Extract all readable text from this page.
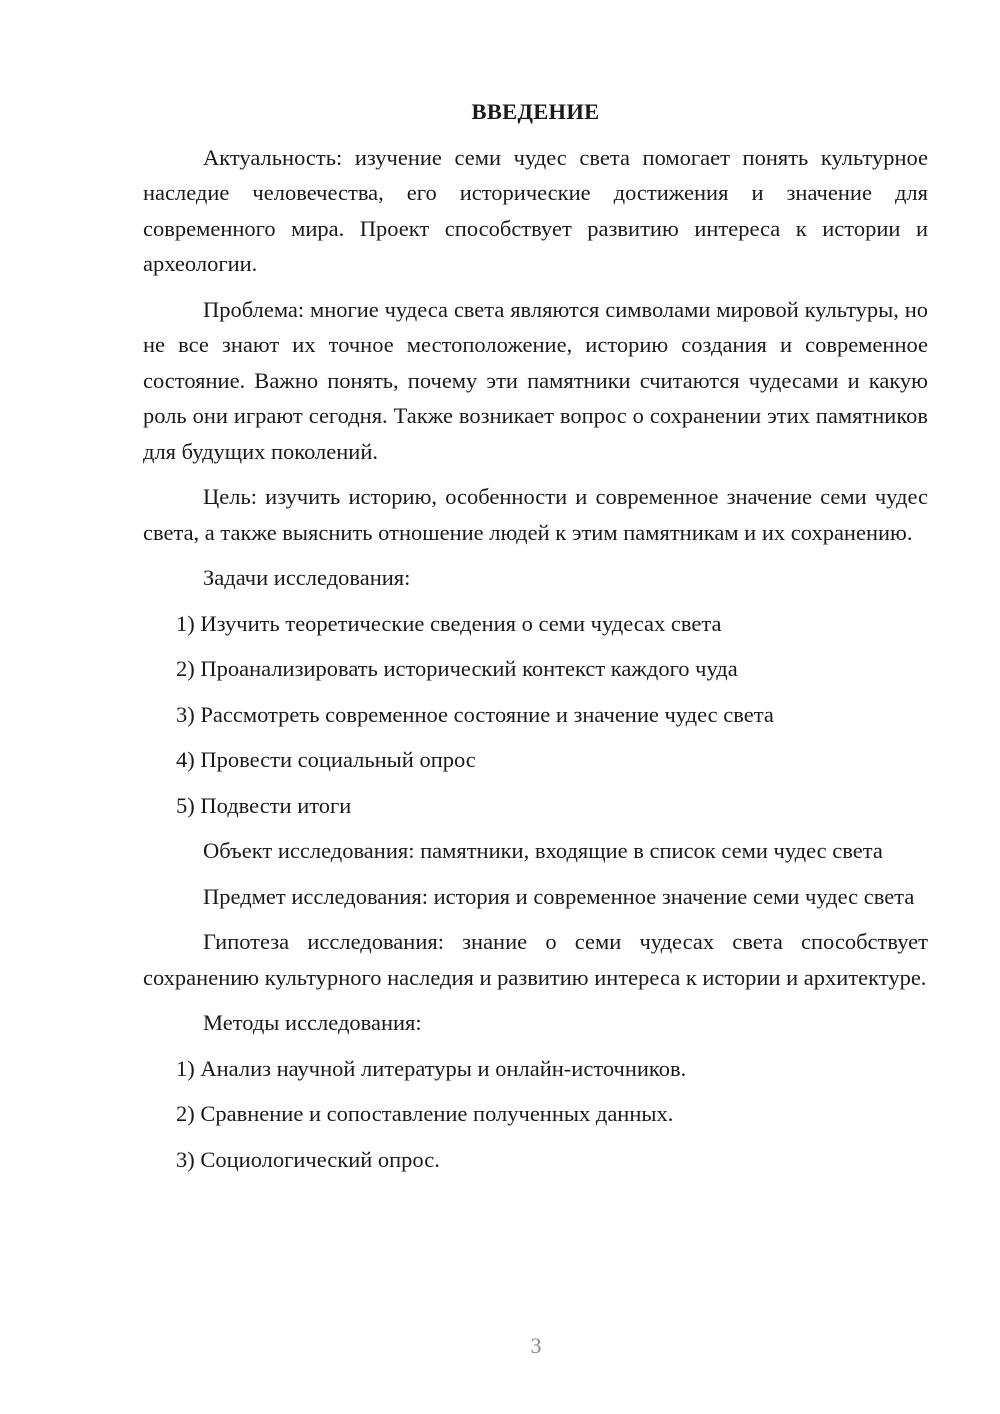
ВВЕДЕНИЕ

Актуальность: изучение семи чудес света помогает понять культурное наследие человечества, его исторические достижения и значение для современного мира. Проект способствует развитию интереса к истории и археологии.

Проблема: многие чудеса света являются символами мировой культуры, но не все знают их точное местоположение, историю создания и современное состояние. Важно понять, почему эти памятники считаются чудесами и какую роль они играют сегодня. Также возникает вопрос о сохранении этих памятников для будущих поколений.

Цель: изучить историю, особенности и современное значение семи чудес света, а также выяснить отношение людей к этим памятникам и их сохранению.

Задачи исследования:

1) Изучить теоретические сведения о семи чудесах света
2) Проанализировать исторический контекст каждого чуда
3) Рассмотреть современное состояние и значение чудес света
4) Провести социальный опрос
5) Подвести итоги

Объект исследования: памятники, входящие в список семи чудес света

Предмет исследования: история и современное значение семи чудес света

Гипотеза исследования: знание о семи чудесах света способствует сохранению культурного наследия и развитию интереса к истории и архитектуре.

Методы исследования:

1) Анализ научной литературы и онлайн-источников.
2) Сравнение и сопоставление полученных данных.
3) Социологический опрос.
3
